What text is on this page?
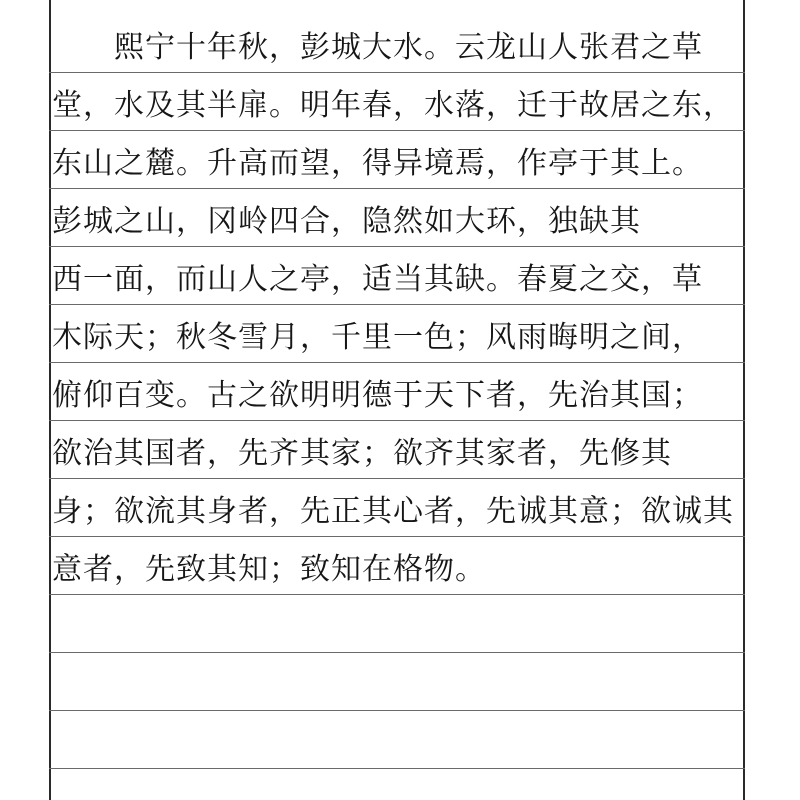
熙宁十年秋，彭城大水。云龙山人张君之草
堂，水及其半扉。明年春，水落，迁于故居之东，
东山之麓。升高而望，得异境焉，作亭于其上。
彭城之山，冈岭四合，隐然如大环，独缺其
西一面，而山人之亭，适当其缺。春夏之交，草
木际天；秋冬雪月，千里一色；风雨晦明之间，
俯仰百变。古之欲明明德于天下者，先治其国；
欲治其国者，先齐其家；欲齐其家者，先修其
身；欲流其身者，先正其心者，先诚其意；欲诚其
意者，先致其知；致知在格物。
